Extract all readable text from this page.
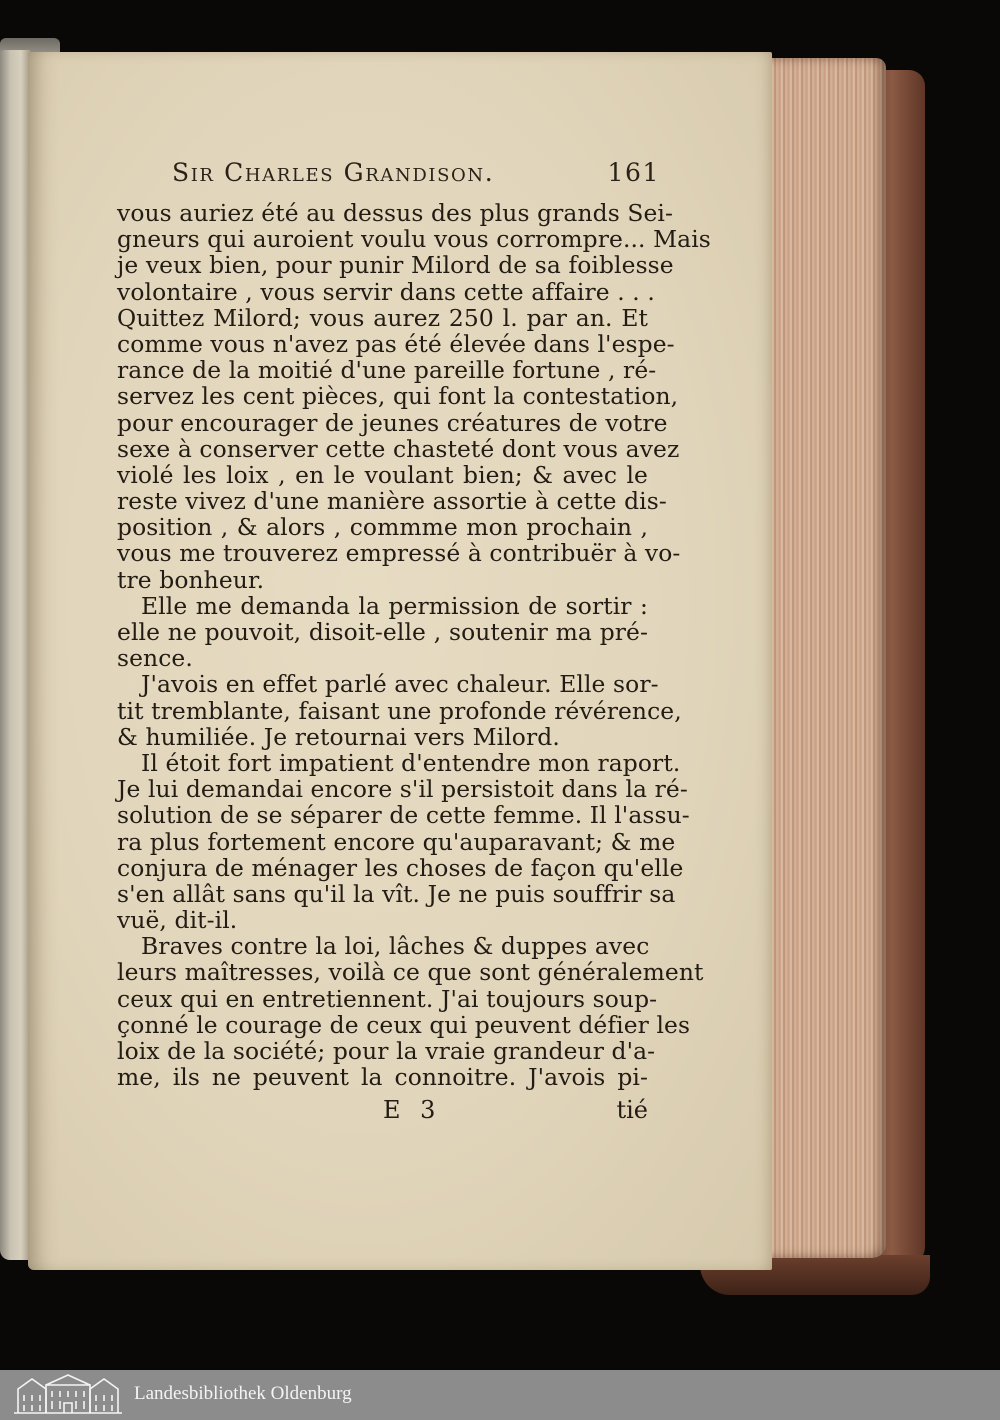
Sir Charles Grandison.	161
vous auriez été au dessus des plus grands Sei-
gneurs qui auroient voulu vous corrompre... Mais
je veux bien, pour punir Milord de sa foiblesse
volontaire , vous servir dans cette affaire . . .
Quittez Milord; vous aurez 250 l. par an. Et
comme vous n'avez pas été élevée dans l'espe-
rance de la moitié d'une pareille fortune , ré-
servez les cent pièces, qui font la contestation,
pour encourager de jeunes créatures de votre
sexe à conserver cette chasteté dont vous avez
violé les loix , en le voulant bien; & avec le
reste vivez d'une manière assortie à cette dis-
position , & alors , commme mon prochain ,
vous me trouverez empressé à contribuër à vo-
tre bonheur.
Elle me demanda la permission de sortir :
elle ne pouvoit, disoit-elle , soutenir ma pré-
sence.
J'avois en effet parlé avec chaleur. Elle sor-
tit tremblante, faisant une profonde révérence,
& humiliée. Je retournai vers Milord.
Il étoit fort impatient d'entendre mon raport.
Je lui demandai encore s'il persistoit dans la ré-
solution de se séparer de cette femme. Il l'assu-
ra plus fortement encore qu'auparavant; & me
conjura de ménager les choses de façon qu'elle
s'en allât sans qu'il la vît. Je ne puis souffrir sa
vuë, dit-il.
Braves contre la loi, lâches & duppes avec
leurs maîtresses, voilà ce que sont généralement
ceux qui en entretiennent. J'ai toujours soup-
çonné le courage de ceux qui peuvent défier les
loix de la société; pour la vraie grandeur d'a-
me, ils ne peuvent la connoitre. J'avois pi-
E 3	tié
Landesbibliothek Oldenburg
